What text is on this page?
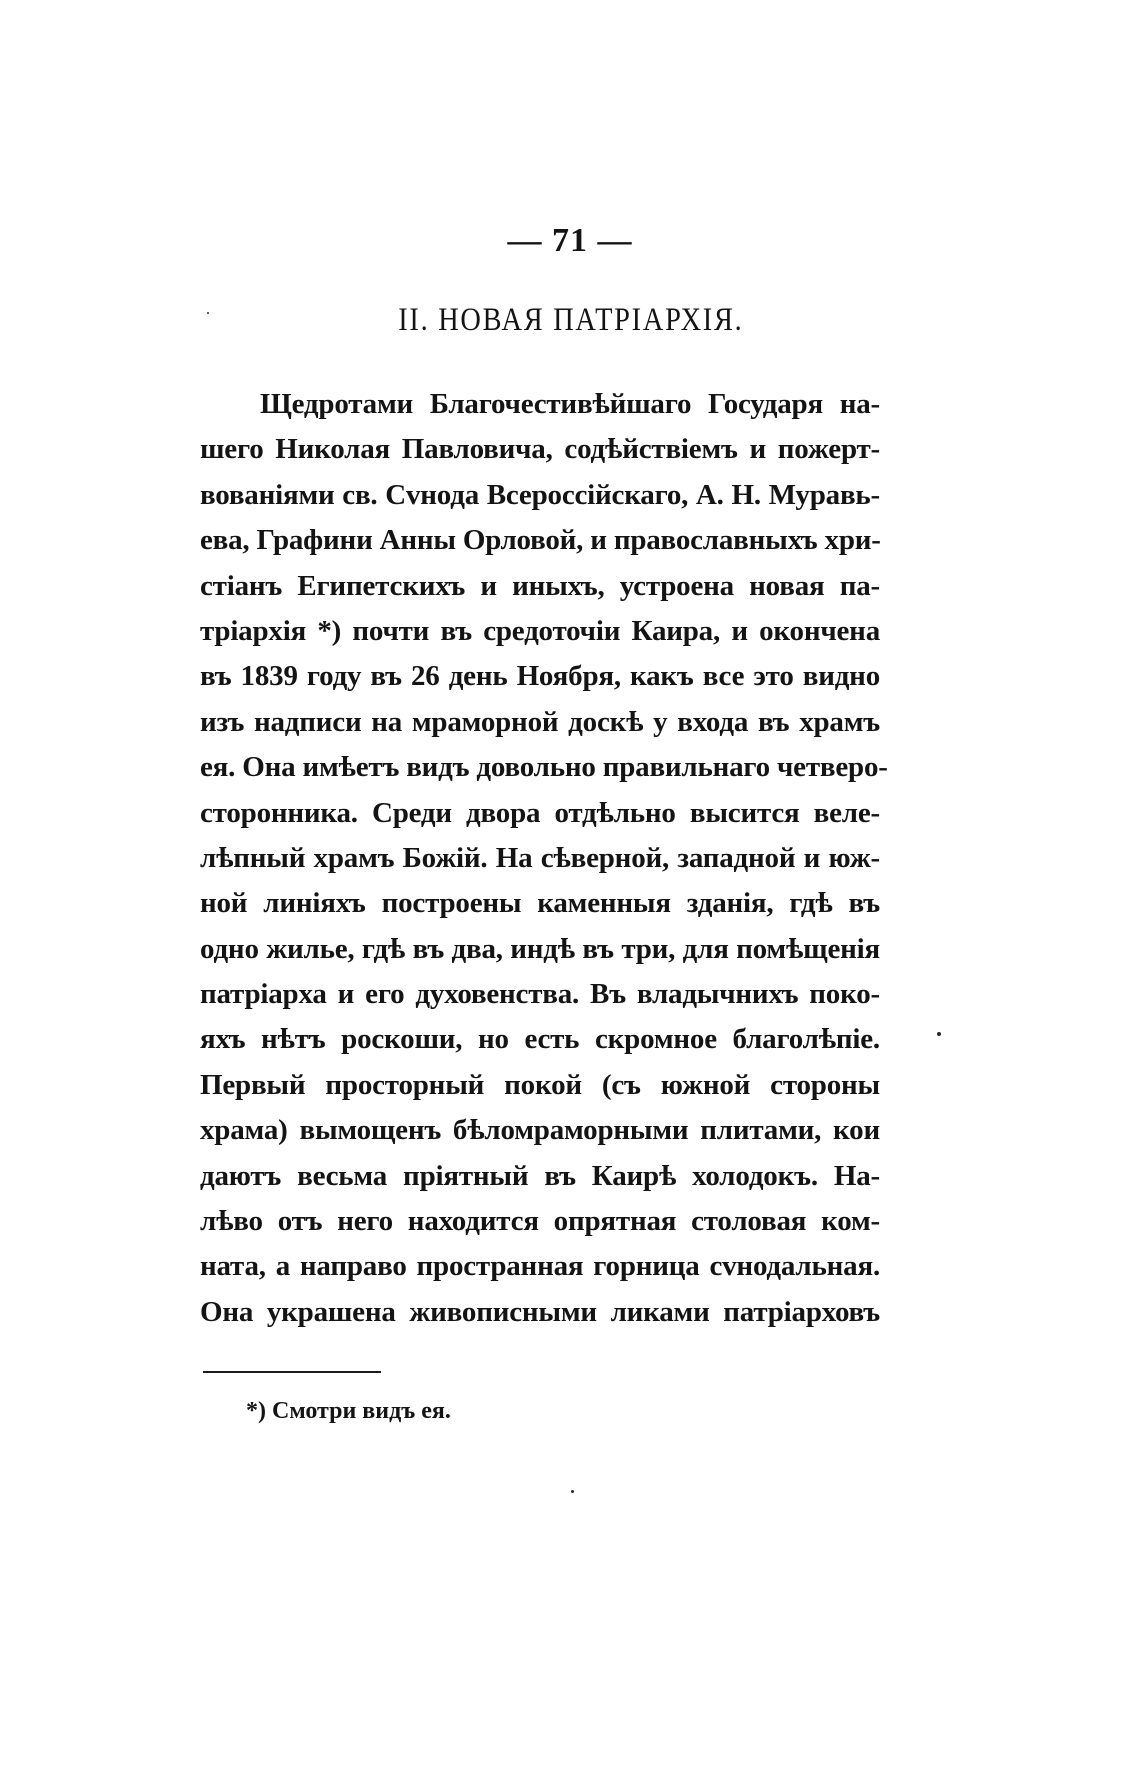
— 71 —
II. НОВАЯ ПАТРІАРХІЯ.
Щедротами Благочестивѣйшаго Государя на-
шего Николая Павловича, содѣйствіемъ и пожерт-
вованіями св. Сvнода Всероссійскаго, А. Н. Муравь-
ева, Графини Анны Орловой, и православныхъ хри-
стіанъ Египетскихъ и иныхъ, устроена новая па-
тріархія *) почти въ средоточіи Каира, и окончена
въ 1839 году въ 26 день Ноября, какъ все это видно
изъ надписи на мраморной доскѣ у входа въ храмъ
ея. Она имѣетъ видъ довольно правильнаго четверо-
сторонника. Среди двора отдѣльно высится веле-
лѣпный храмъ Божій. На сѣверной, западной и юж-
ной линіяхъ построены каменныя зданія, гдѣ въ
одно жилье, гдѣ въ два, индѣ въ три, для помѣщенія
патріарха и его духовенства. Въ владычнихъ поко-
яхъ нѣтъ роскоши, но есть скромное благолѣпіе.
Первый просторный покой (съ южной стороны
храма) вымощенъ бѣломраморными плитами, кои
даютъ весьма пріятный въ Каирѣ холодокъ. На-
лѣво отъ него находится опрятная столовая ком-
ната, а направо пространная горница сvнодальная.
Она украшена живописными ликами патріарховъ
*) Смотри видъ ея.
